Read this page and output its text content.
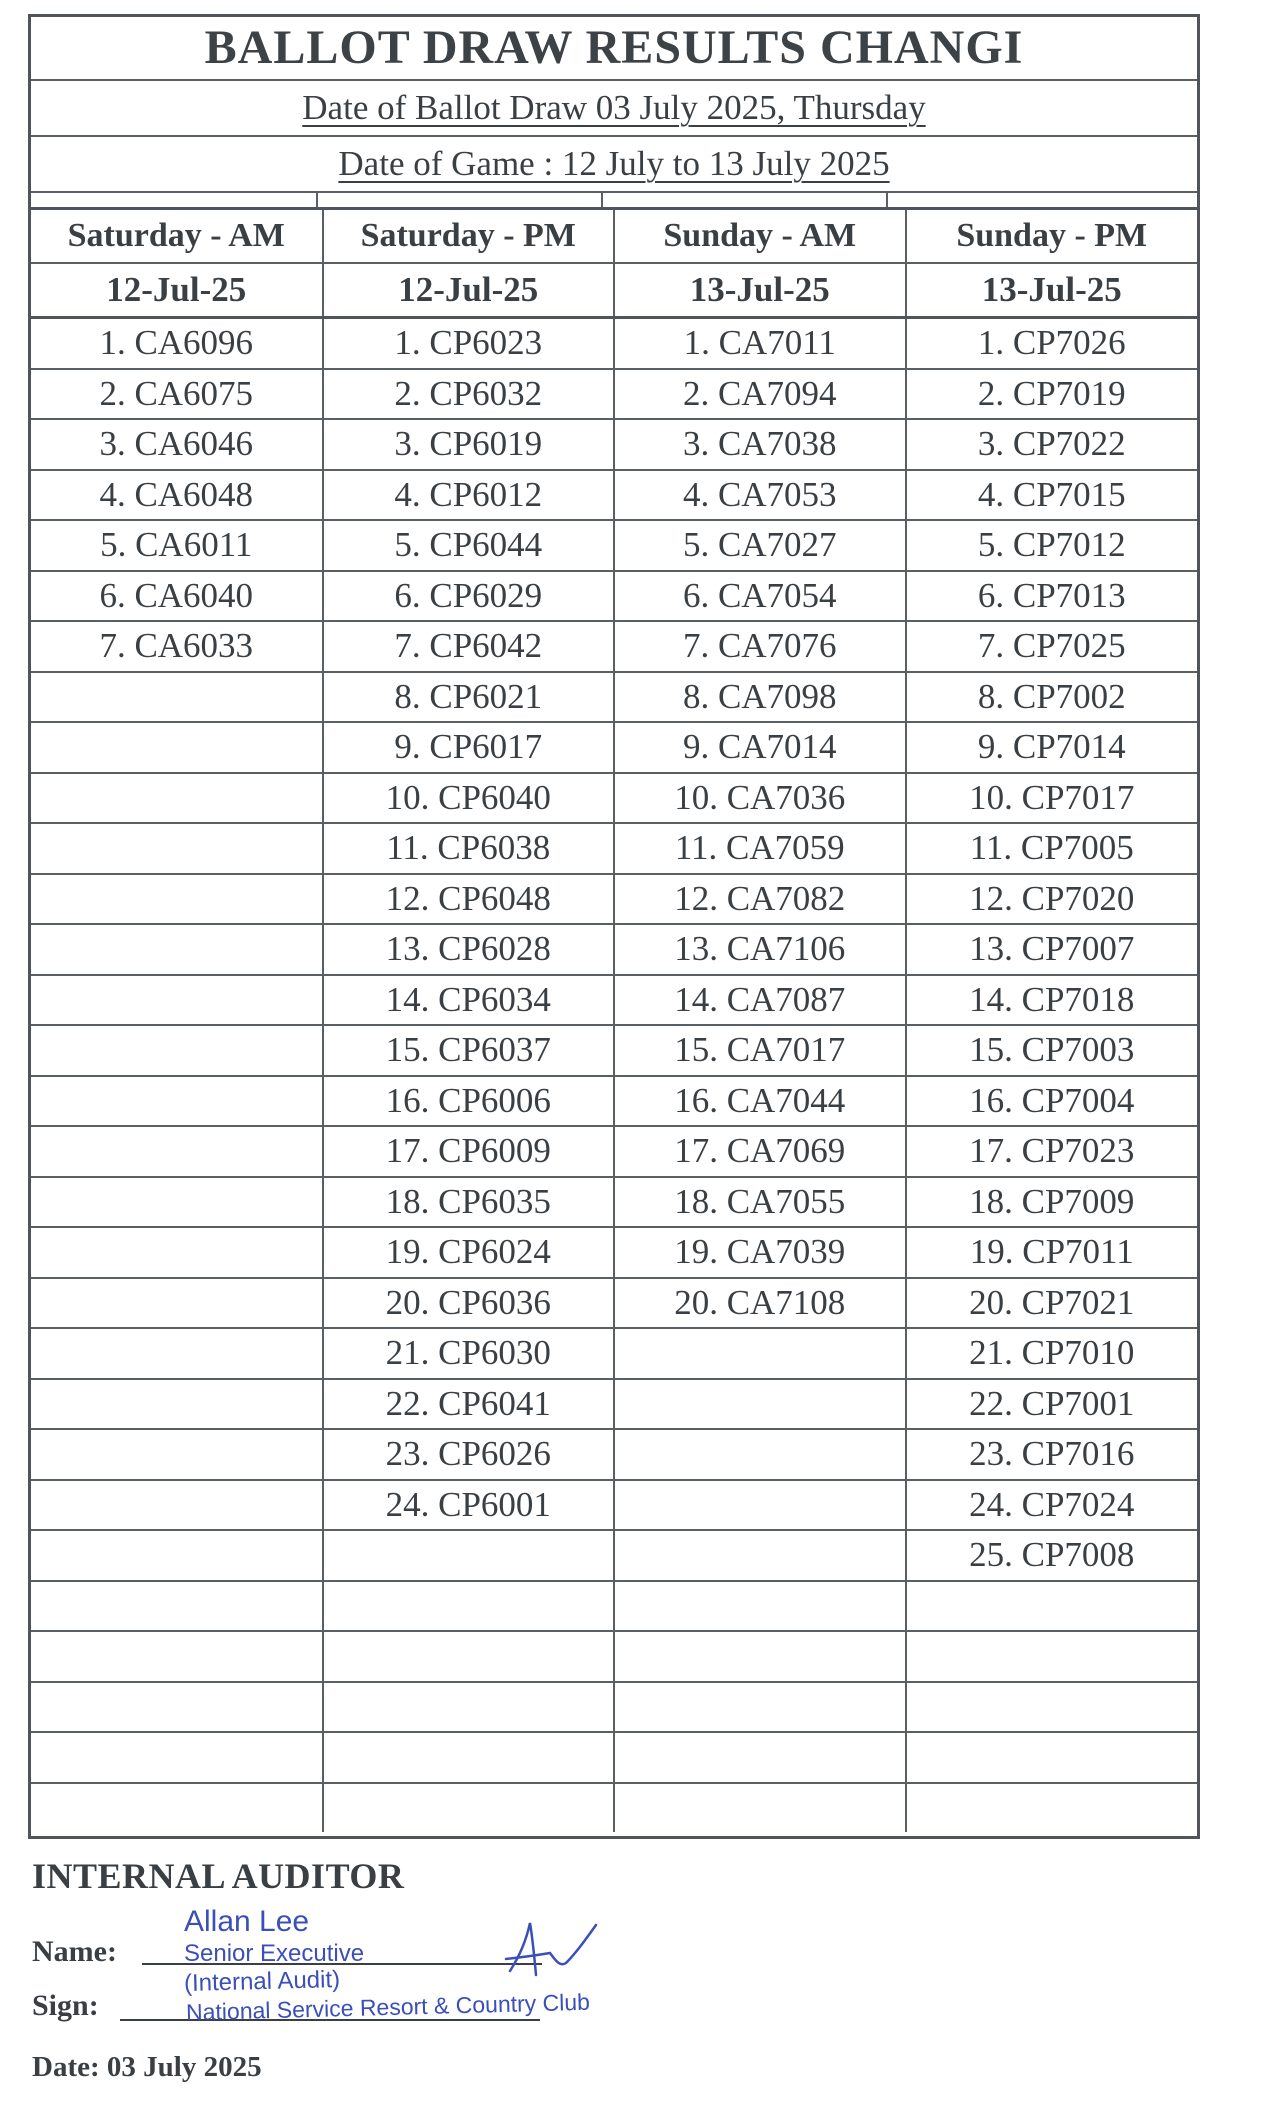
BALLOT DRAW RESULTS CHANGI
Date of Ballot Draw 03 July 2025, Thursday
Date of Game : 12 July to 13 July 2025
Saturday - AM	Saturday - PM	Sunday - AM	Sunday - PM
12-Jul-25	12-Jul-25	13-Jul-25	13-Jul-25
1. CA6096	1. CP6023	1. CA7011	1. CP7026
2. CA6075	2. CP6032	2. CA7094	2. CP7019
3. CA6046	3. CP6019	3. CA7038	3. CP7022
4. CA6048	4. CP6012	4. CA7053	4. CP7015
5. CA6011	5. CP6044	5. CA7027	5. CP7012
6. CA6040	6. CP6029	6. CA7054	6. CP7013
7. CA6033	7. CP6042	7. CA7076	7. CP7025
	8. CP6021	8. CA7098	8. CP7002
	9. CP6017	9. CA7014	9. CP7014
	10. CP6040	10. CA7036	10. CP7017
	11. CP6038	11. CA7059	11. CP7005
	12. CP6048	12. CA7082	12. CP7020
	13. CP6028	13. CA7106	13. CP7007
	14. CP6034	14. CA7087	14. CP7018
	15. CP6037	15. CA7017	15. CP7003
	16. CP6006	16. CA7044	16. CP7004
	17. CP6009	17. CA7069	17. CP7023
	18. CP6035	18. CA7055	18. CP7009
	19. CP6024	19. CA7039	19. CP7011
	20. CP6036	20. CA7108	20. CP7021
	21. CP6030		21. CP7010
	22. CP6041		22. CP7001
	23. CP6026		23. CP7016
	24. CP6001		24. CP7024
			25. CP7008

INTERNAL AUDITOR
Name:
Sign:
Date: 03 July 2025
Allan Lee
Senior Executive
(Internal Audit)
National Service Resort & Country Club
